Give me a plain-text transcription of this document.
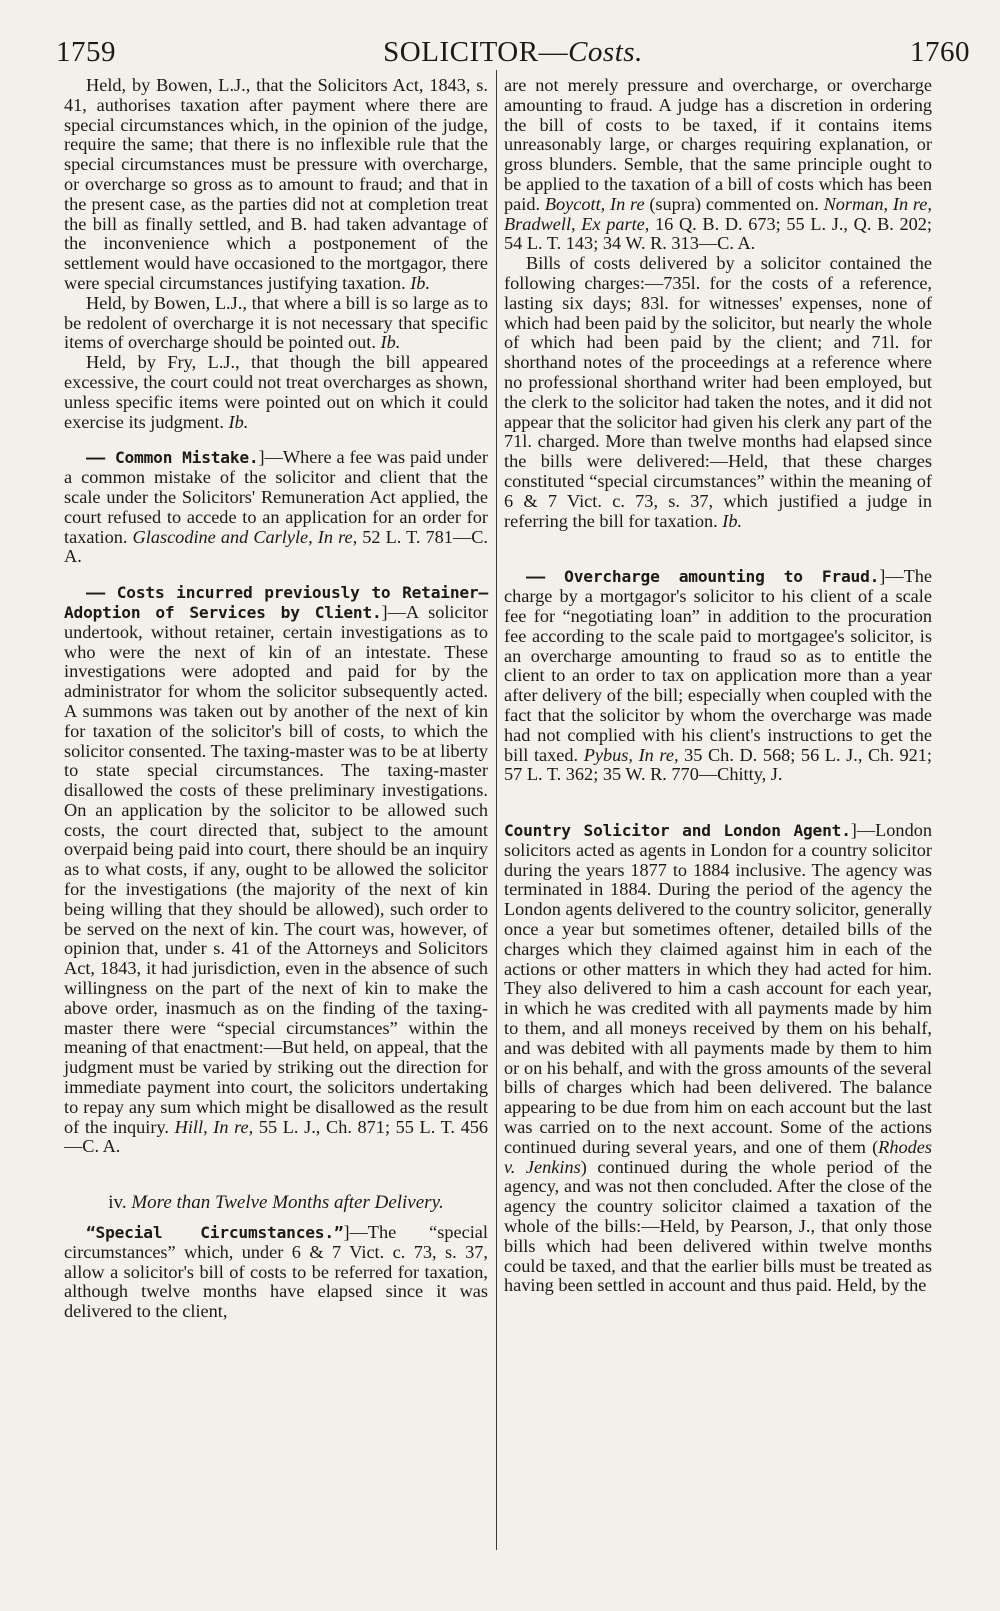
1759	SOLICITOR—Costs.	1760

Held, by Bowen, L.J., that the Solicitors Act, 1843, s. 41, authorises taxation after payment where there are special circumstances which, in the opinion of the judge, require the same; that there is no inflexible rule that the special circumstances must be pressure with overcharge, or overcharge so gross as to amount to fraud; and that in the present case, as the parties did not at completion treat the bill as finally settled, and B. had taken advantage of the inconvenience which a postponement of the settlement would have occasioned to the mortgagor, there were special circumstances justifying taxation. Ib.

Held, by Bowen, L.J., that where a bill is so large as to be redolent of overcharge it is not necessary that specific items of overcharge should be pointed out. Ib.

Held, by Fry, L.J., that though the bill appeared excessive, the court could not treat overcharges as shown, unless specific items were pointed out on which it could exercise its judgment. Ib.

—— Common Mistake.]—Where a fee was paid under a common mistake of the solicitor and client that the scale under the Solicitors' Remuneration Act applied, the court refused to accede to an application for an order for taxation. Glascodine and Carlyle, In re, 52 L. T. 781—C. A.

—— Costs incurred previously to Retainer—Adoption of Services by Client.]—A solicitor undertook, without retainer, certain investigations as to who were the next of kin of an intestate. These investigations were adopted and paid for by the administrator for whom the solicitor subsequently acted. A summons was taken out by another of the next of kin for taxation of the solicitor's bill of costs, to which the solicitor consented. The taxing-master was to be at liberty to state special circumstances. The taxing-master disallowed the costs of these preliminary investigations. On an application by the solicitor to be allowed such costs, the court directed that, subject to the amount overpaid being paid into court, there should be an inquiry as to what costs, if any, ought to be allowed the solicitor for the investigations (the majority of the next of kin being willing that they should be allowed), such order to be served on the next of kin. The court was, however, of opinion that, under s. 41 of the Attorneys and Solicitors Act, 1843, it had jurisdiction, even in the absence of such willingness on the part of the next of kin to make the above order, inasmuch as on the finding of the taxing-master there were “special circumstances” within the meaning of that enactment:—But held, on appeal, that the judgment must be varied by striking out the direction for immediate payment into court, the solicitors undertaking to repay any sum which might be disallowed as the result of the inquiry. Hill, In re, 55 L. J., Ch. 871; 55 L. T. 456—C. A.

iv. More than Twelve Months after Delivery.

“Special Circumstances.”]—The “special circumstances” which, under 6 & 7 Vict. c. 73, s. 37, allow a solicitor's bill of costs to be referred for taxation, although twelve months have elapsed since it was delivered to the client,

are not merely pressure and overcharge, or overcharge amounting to fraud. A judge has a discretion in ordering the bill of costs to be taxed, if it contains items unreasonably large, or charges requiring explanation, or gross blunders. Semble, that the same principle ought to be applied to the taxation of a bill of costs which has been paid. Boycott, In re (supra) commented on. Norman, In re, Bradwell, Ex parte, 16 Q. B. D. 673; 55 L. J., Q. B. 202; 54 L. T. 143; 34 W. R. 313—C. A.

Bills of costs delivered by a solicitor contained the following charges:—735l. for the costs of a reference, lasting six days; 83l. for witnesses' expenses, none of which had been paid by the solicitor, but nearly the whole of which had been paid by the client; and 71l. for shorthand notes of the proceedings at a reference where no professional shorthand writer had been employed, but the clerk to the solicitor had taken the notes, and it did not appear that the solicitor had given his clerk any part of the 71l. charged. More than twelve months had elapsed since the bills were delivered:—Held, that these charges constituted “special circumstances” within the meaning of 6 & 7 Vict. c. 73, s. 37, which justified a judge in referring the bill for taxation. Ib.

—— Overcharge amounting to Fraud.]—The charge by a mortgagor's solicitor to his client of a scale fee for “negotiating loan” in addition to the procuration fee according to the scale paid to mortgagee's solicitor, is an overcharge amounting to fraud so as to entitle the client to an order to tax on application more than a year after delivery of the bill; especially when coupled with the fact that the solicitor by whom the overcharge was made had not complied with his client's instructions to get the bill taxed. Pybus, In re, 35 Ch. D. 568; 56 L. J., Ch. 921; 57 L. T. 362; 35 W. R. 770—Chitty, J.

Country Solicitor and London Agent.]—London solicitors acted as agents in London for a country solicitor during the years 1877 to 1884 inclusive. The agency was terminated in 1884. During the period of the agency the London agents delivered to the country solicitor, generally once a year but sometimes oftener, detailed bills of the charges which they claimed against him in each of the actions or other matters in which they had acted for him. They also delivered to him a cash account for each year, in which he was credited with all payments made by him to them, and all moneys received by them on his behalf, and was debited with all payments made by them to him or on his behalf, and with the gross amounts of the several bills of charges which had been delivered. The balance appearing to be due from him on each account but the last was carried on to the next account. Some of the actions continued during several years, and one of them (Rhodes v. Jenkins) continued during the whole period of the agency, and was not then concluded. After the close of the agency the country solicitor claimed a taxation of the whole of the bills:—Held, by Pearson, J., that only those bills which had been delivered within twelve months could be taxed, and that the earlier bills must be treated as having been settled in account and thus paid. Held, by the
